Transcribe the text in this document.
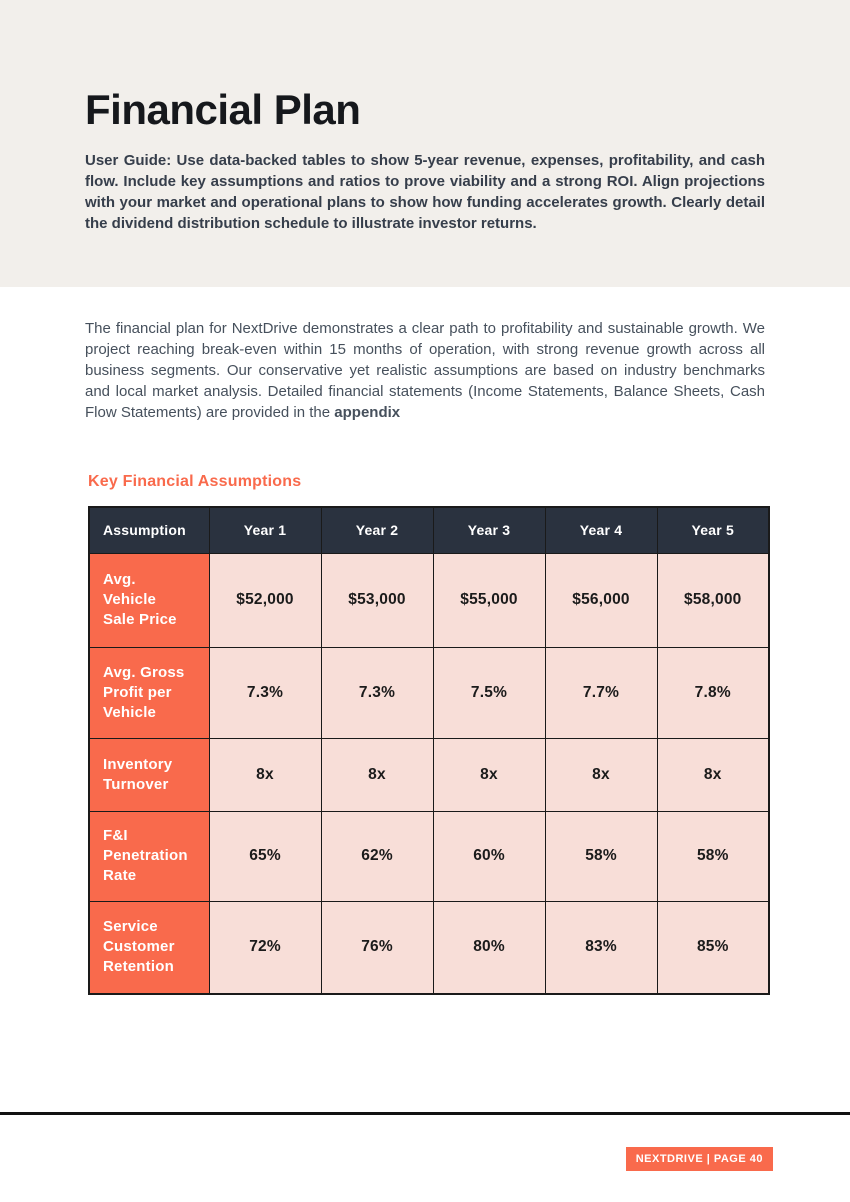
Financial Plan

User Guide: Use data-backed tables to show 5-year revenue, expenses, profitability, and cash flow. Include key assumptions and ratios to prove viability and a strong ROI. Align projections with your market and operational plans to show how funding accelerates growth. Clearly detail the dividend distribution schedule to illustrate investor returns.

The financial plan for NextDrive demonstrates a clear path to profitability and sustainable growth. We project reaching break-even within 15 months of operation, with strong revenue growth across all business segments. Our conservative yet realistic assumptions are based on industry benchmarks and local market analysis. Detailed financial statements (Income Statements, Balance Sheets, Cash Flow Statements) are provided in the appendix

Key Financial Assumptions
Assumption	Year 1	Year 2	Year 3	Year 4	Year 5
Avg. Vehicle Sale Price	$52,000	$53,000	$55,000	$56,000	$58,000
Avg. Gross Profit per Vehicle	7.3%	7.3%	7.5%	7.7%	7.8%
Inventory Turnover	8x	8x	8x	8x	8x
F&I Penetration Rate	65%	62%	60%	58%	58%
Service Customer Retention	72%	76%	80%	83%	85%
NEXTDRIVE | PAGE 40
